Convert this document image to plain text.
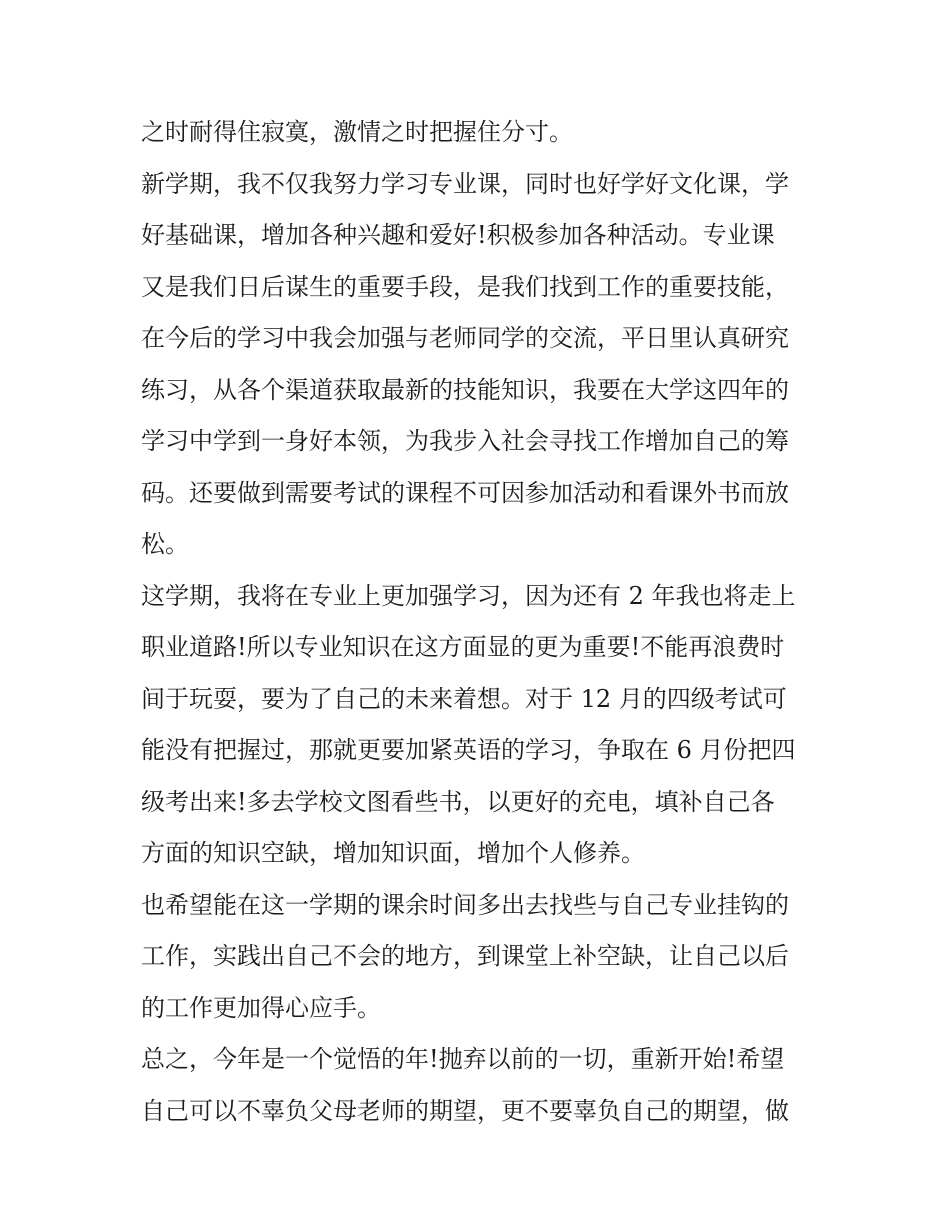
之时耐得住寂寞，激情之时把握住分寸。
新学期，我不仅我努力学习专业课，同时也好学好文化课，学
好基础课，增加各种兴趣和爱好!积极参加各种活动。专业课
又是我们日后谋生的重要手段，是我们找到工作的重要技能，
在今后的学习中我会加强与老师同学的交流，平日里认真研究
练习，从各个渠道获取最新的技能知识，我要在大学这四年的
学习中学到一身好本领，为我步入社会寻找工作增加自己的筹
码。还要做到需要考试的课程不可因参加活动和看课外书而放
松。
这学期，我将在专业上更加强学习，因为还有 2 年我也将走上
职业道路!所以专业知识在这方面显的更为重要!不能再浪费时
间于玩耍，要为了自己的未来着想。对于 12 月的四级考试可
能没有把握过，那就更要加紧英语的学习，争取在 6 月份把四
级考出来!多去学校文图看些书，以更好的充电，填补自己各
方面的知识空缺，增加知识面，增加个人修养。
也希望能在这一学期的课余时间多出去找些与自己专业挂钩的
工作，实践出自己不会的地方，到课堂上补空缺，让自己以后
的工作更加得心应手。
总之，今年是一个觉悟的年!抛弃以前的一切，重新开始!希望
自己可以不辜负父母老师的期望，更不要辜负自己的期望，做
